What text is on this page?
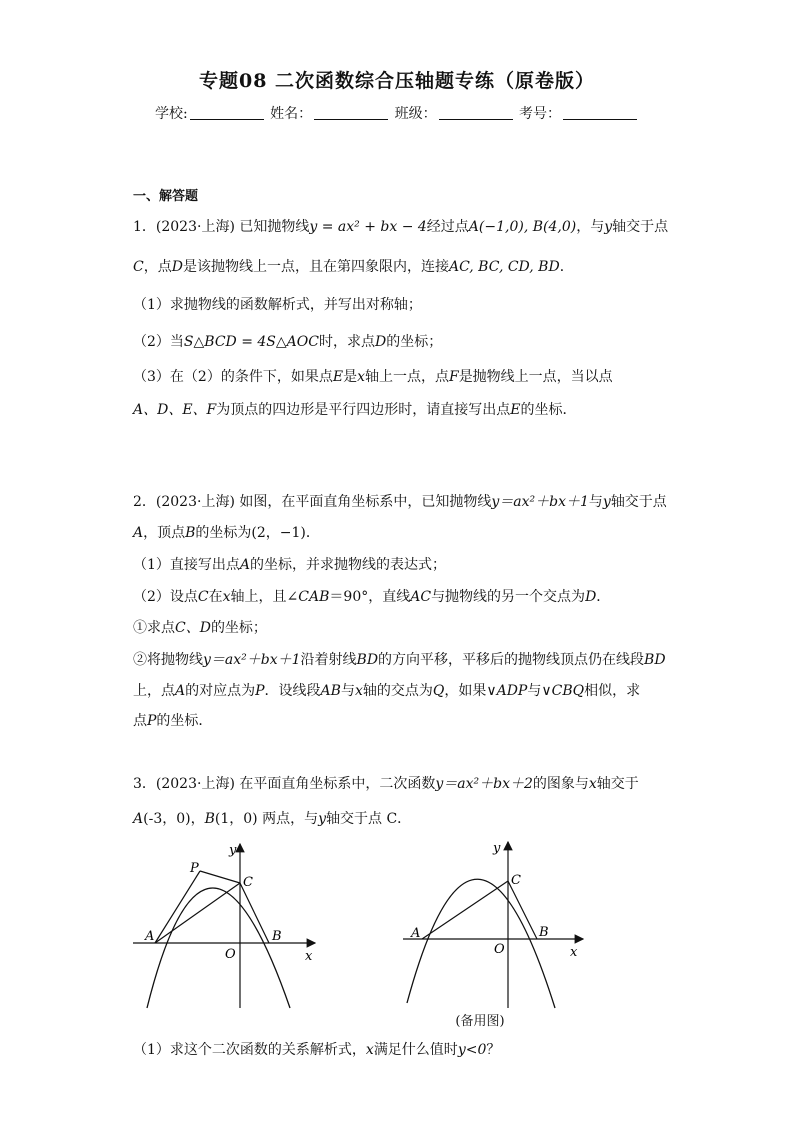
专题08 二次函数综合压轴题专练（原卷版）
学校:	姓名：	班级：	考号：
一、解答题
1．(2023·上海) 已知抛物线y = ax² + bx − 4经过点A(−1,0), B(4,0)，与y轴交于点
C，点D是该抛物线上一点，且在第四象限内，连接AC, BC, CD, BD．
（1）求抛物线的函数解析式，并写出对称轴；
（2）当S△BCD = 4S△AOC时，求点D的坐标；
（3）在（2）的条件下，如果点E是x轴上一点，点F是抛物线上一点，当以点
A、D、E、F为顶点的四边形是平行四边形时，请直接写出点E的坐标．
2．(2023·上海) 如图，在平面直角坐标系中，已知抛物线y＝ax²＋bx＋1与y轴交于点
A，顶点B的坐标为(2，−1)．
（1）直接写出点A的坐标，并求抛物线的表达式；
（2）设点C在x轴上，且∠CAB＝90°，直线AC与抛物线的另一个交点为D．
①求点C、D的坐标；
②将抛物线y＝ax²＋bx＋1沿着射线BD的方向平移，平移后的抛物线顶点仍在线段BD
上，点A的对应点为P．设线段AB与x轴的交点为Q，如果∨ADP与∨CBQ相似，求
点P的坐标．
3．(2023·上海) 在平面直角坐标系中，二次函数y＝ax²＋bx＋2的图象与x轴交于
A(-3，0)，B(1，0) 两点，与y轴交于点 C．
y
x
P
C
A	B
O
y
x
C
A	B
O
(备用图)
（1）求这个二次函数的关系解析式，x满足什么值时y<0？
